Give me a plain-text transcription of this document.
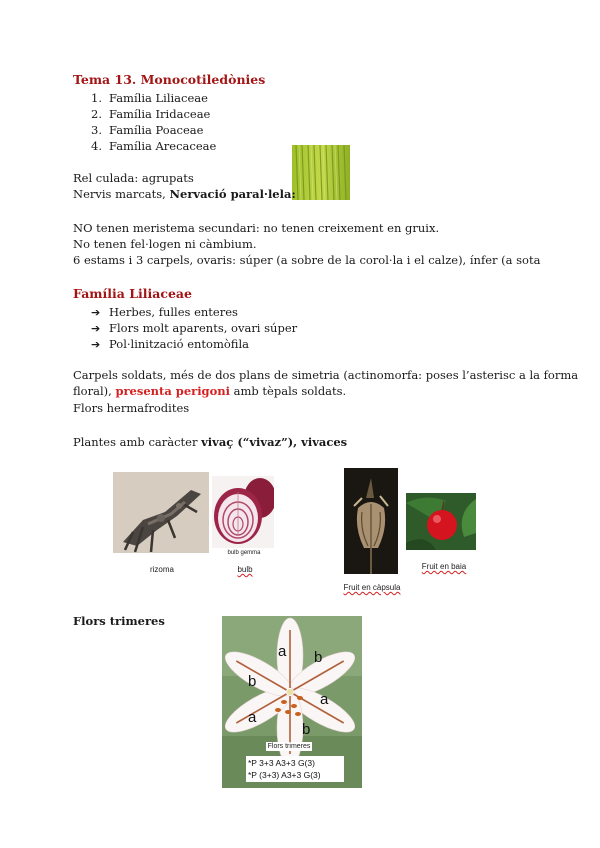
Tema 13. Monocotiledònies
1. Família Liliaceae
2. Família Iridaceae
3. Família Poaceae
4. Família Arecaceae
Rel culada: agrupats
Nervis marcats, Nervació paral·lela:
NO tenen meristema secundari: no tenen creixement en gruix.
No tenen fel·logen ni càmbium.
6 estams i 3 carpels, ovaris: súper (a sobre de la corol·la i el calze), ínfer (a sota
Família Liliaceae
➔ Herbes, fulles enteres
➔ Flors molt aparents, ovari súper
➔ Pol·linització entomòfila
Carpels soldats, més de dos plans de simetria (actinomorfa: poses l’asterisc a la forma
floral), presenta perigoni amb tèpals soldats.
Flors hermafrodites
Plantes amb caràcter vivaç (“vivaz”), vivaces
rizoma
bulb gemma
bulb
Fruit en càpsula
Fruit en baia
Flors trimeres
a b
b
a
a
b
Flors trimeres
*P 3+3 A3+3 G(3)
*P (3+3) A3+3 G(3)
